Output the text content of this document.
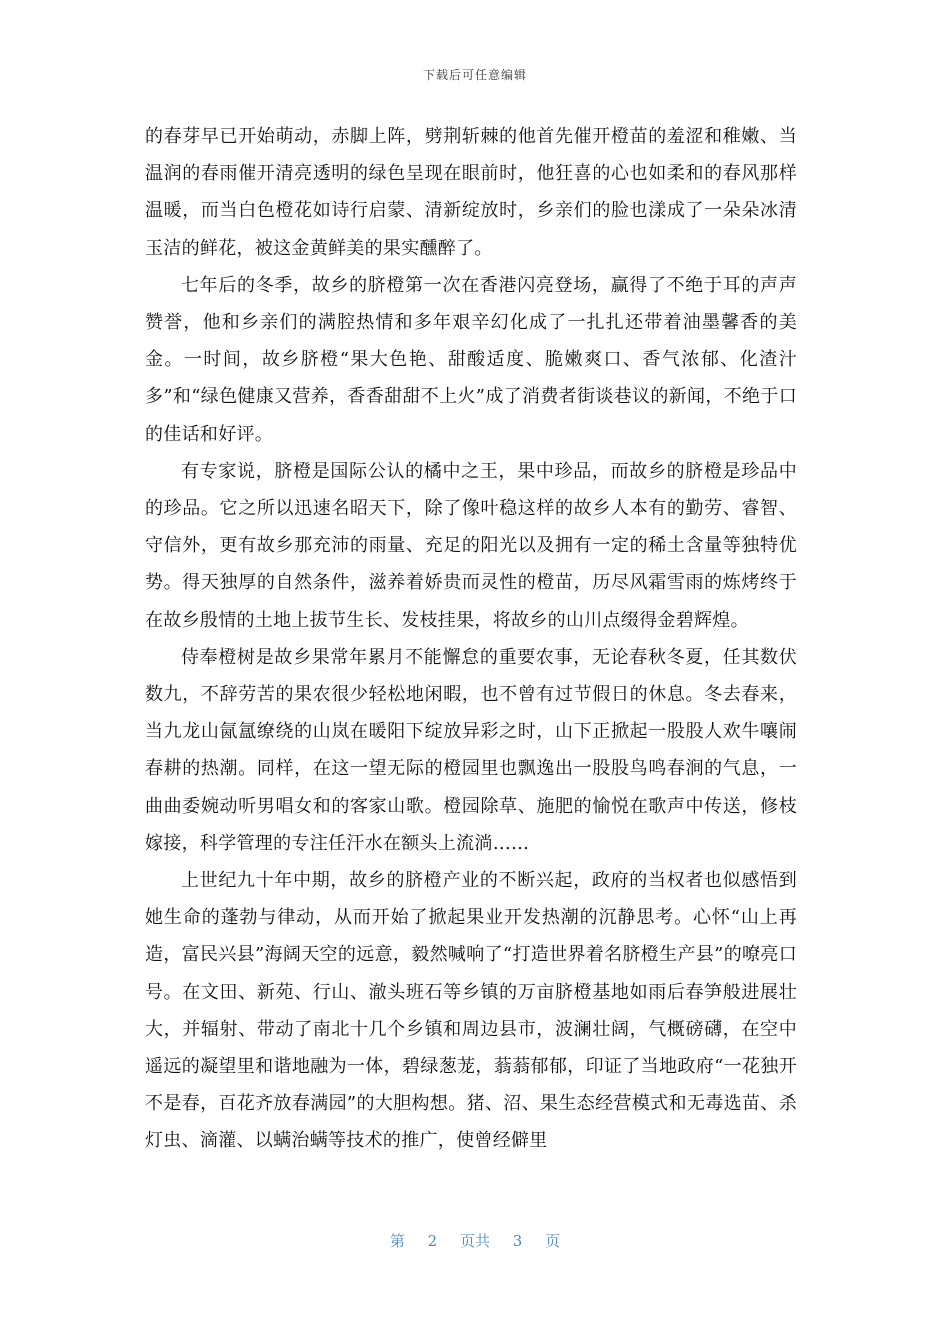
下载后可任意编辑

的春芽早已开始萌动，赤脚上阵，劈荆斩棘的他首先催开橙苗的羞涩和稚嫩、当温润的春雨催开清亮透明的绿色呈现在眼前时，他狂喜的心也如柔和的春风那样温暖，而当白色橙花如诗行启蒙、清新绽放时，乡亲们的脸也漾成了一朵朵冰清玉洁的鲜花，被这金黄鲜美的果实醺醉了。

七年后的冬季，故乡的脐橙第一次在香港闪亮登场，赢得了不绝于耳的声声赞誉，他和乡亲们的满腔热情和多年艰辛幻化成了一扎扎还带着油墨馨香的美金。一时间，故乡脐橙“果大色艳、甜酸适度、脆嫩爽口、香气浓郁、化渣汁多”和“绿色健康又营养，香香甜甜不上火”成了消费者街谈巷议的新闻，不绝于口的佳话和好评。

有专家说，脐橙是国际公认的橘中之王，果中珍品，而故乡的脐橙是珍品中的珍品。它之所以迅速名昭天下，除了像叶稳这样的故乡人本有的勤劳、睿智、守信外，更有故乡那充沛的雨量、充足的阳光以及拥有一定的稀土含量等独特优势。得天独厚的自然条件，滋养着娇贵而灵性的橙苗，历尽风霜雪雨的炼烤终于在故乡殷情的土地上拔节生长、发枝挂果，将故乡的山川点缀得金碧辉煌。

侍奉橙树是故乡果常年累月不能懈怠的重要农事，无论春秋冬夏，任其数伏数九，不辞劳苦的果农很少轻松地闲暇，也不曾有过节假日的休息。冬去春来，当九龙山氤氲缭绕的山岚在暖阳下绽放异彩之时，山下正掀起一股股人欢牛嚷闹春耕的热潮。同样，在这一望无际的橙园里也飘逸出一股股鸟鸣春涧的气息，一曲曲委婉动听男唱女和的客家山歌。橙园除草、施肥的愉悦在歌声中传送，修枝嫁接，科学管理的专注任汗水在额头上流淌……

上世纪九十年中期，故乡的脐橙产业的不断兴起，政府的当权者也似感悟到她生命的蓬勃与律动，从而开始了掀起果业开发热潮的沉静思考。心怀“山上再造，富民兴县”海阔天空的远意，毅然喊响了“打造世界着名脐橙生产县”的嘹亮口号。在文田、新苑、行山、澈头班石等乡镇的万亩脐橙基地如雨后春笋般进展壮大，并辐射、带动了南北十几个乡镇和周边县市，波澜壮阔，气概磅礴，在空中遥远的凝望里和谐地融为一体，碧绿葱茏，蓊蓊郁郁，印证了当地政府“一花独开不是春，百花齐放春满园”的大胆构想。猪、沼、果生态经营模式和无毒选苗、杀灯虫、滴灌、以螨治螨等技术的推广，使曾经僻里

第 2 页共 3 页
